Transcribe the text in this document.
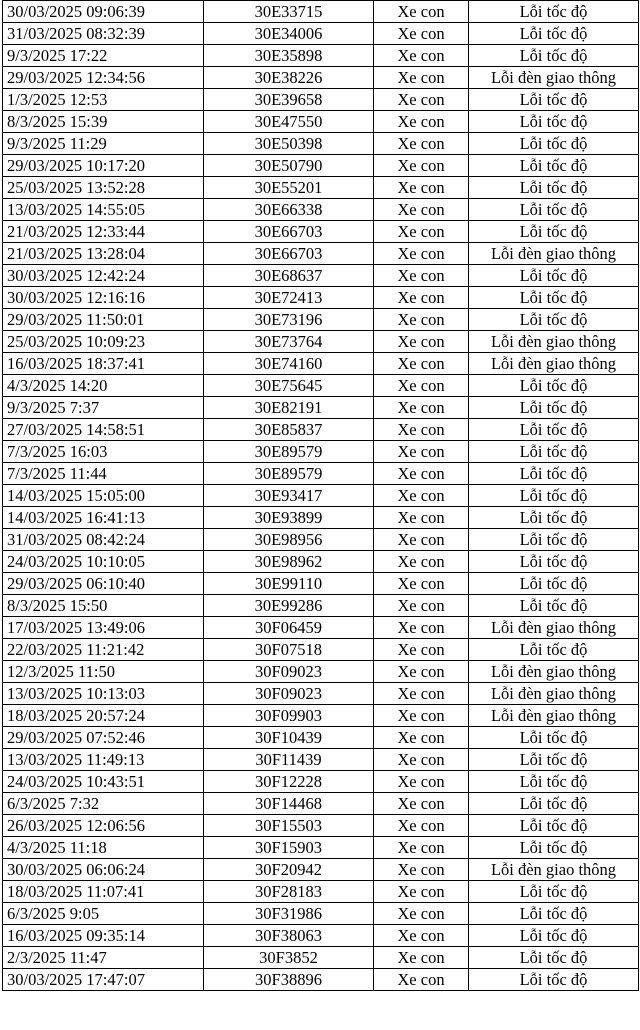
30/03/2025 09:06:39	30E33715	Xe con	Lỗi tốc độ
31/03/2025 08:32:39	30E34006	Xe con	Lỗi tốc độ
9/3/2025 17:22	30E35898	Xe con	Lỗi tốc độ
29/03/2025 12:34:56	30E38226	Xe con	Lỗi đèn giao thông
1/3/2025 12:53	30E39658	Xe con	Lỗi tốc độ
8/3/2025 15:39	30E47550	Xe con	Lỗi tốc độ
9/3/2025 11:29	30E50398	Xe con	Lỗi tốc độ
29/03/2025 10:17:20	30E50790	Xe con	Lỗi tốc độ
25/03/2025 13:52:28	30E55201	Xe con	Lỗi tốc độ
13/03/2025 14:55:05	30E66338	Xe con	Lỗi tốc độ
21/03/2025 12:33:44	30E66703	Xe con	Lỗi tốc độ
21/03/2025 13:28:04	30E66703	Xe con	Lỗi đèn giao thông
30/03/2025 12:42:24	30E68637	Xe con	Lỗi tốc độ
30/03/2025 12:16:16	30E72413	Xe con	Lỗi tốc độ
29/03/2025 11:50:01	30E73196	Xe con	Lỗi tốc độ
25/03/2025 10:09:23	30E73764	Xe con	Lỗi đèn giao thông
16/03/2025 18:37:41	30E74160	Xe con	Lỗi đèn giao thông
4/3/2025 14:20	30E75645	Xe con	Lỗi tốc độ
9/3/2025 7:37	30E82191	Xe con	Lỗi tốc độ
27/03/2025 14:58:51	30E85837	Xe con	Lỗi tốc độ
7/3/2025 16:03	30E89579	Xe con	Lỗi tốc độ
7/3/2025 11:44	30E89579	Xe con	Lỗi tốc độ
14/03/2025 15:05:00	30E93417	Xe con	Lỗi tốc độ
14/03/2025 16:41:13	30E93899	Xe con	Lỗi tốc độ
31/03/2025 08:42:24	30E98956	Xe con	Lỗi tốc độ
24/03/2025 10:10:05	30E98962	Xe con	Lỗi tốc độ
29/03/2025 06:10:40	30E99110	Xe con	Lỗi tốc độ
8/3/2025 15:50	30E99286	Xe con	Lỗi tốc độ
17/03/2025 13:49:06	30F06459	Xe con	Lỗi đèn giao thông
22/03/2025 11:21:42	30F07518	Xe con	Lỗi tốc độ
12/3/2025 11:50	30F09023	Xe con	Lỗi đèn giao thông
13/03/2025 10:13:03	30F09023	Xe con	Lỗi đèn giao thông
18/03/2025 20:57:24	30F09903	Xe con	Lỗi đèn giao thông
29/03/2025 07:52:46	30F10439	Xe con	Lỗi tốc độ
13/03/2025 11:49:13	30F11439	Xe con	Lỗi tốc độ
24/03/2025 10:43:51	30F12228	Xe con	Lỗi tốc độ
6/3/2025 7:32	30F14468	Xe con	Lỗi tốc độ
26/03/2025 12:06:56	30F15503	Xe con	Lỗi tốc độ
4/3/2025 11:18	30F15903	Xe con	Lỗi tốc độ
30/03/2025 06:06:24	30F20942	Xe con	Lỗi đèn giao thông
18/03/2025 11:07:41	30F28183	Xe con	Lỗi tốc độ
6/3/2025 9:05	30F31986	Xe con	Lỗi tốc độ
16/03/2025 09:35:14	30F38063	Xe con	Lỗi tốc độ
2/3/2025 11:47	30F3852	Xe con	Lỗi tốc độ
30/03/2025 17:47:07	30F38896	Xe con	Lỗi tốc độ
